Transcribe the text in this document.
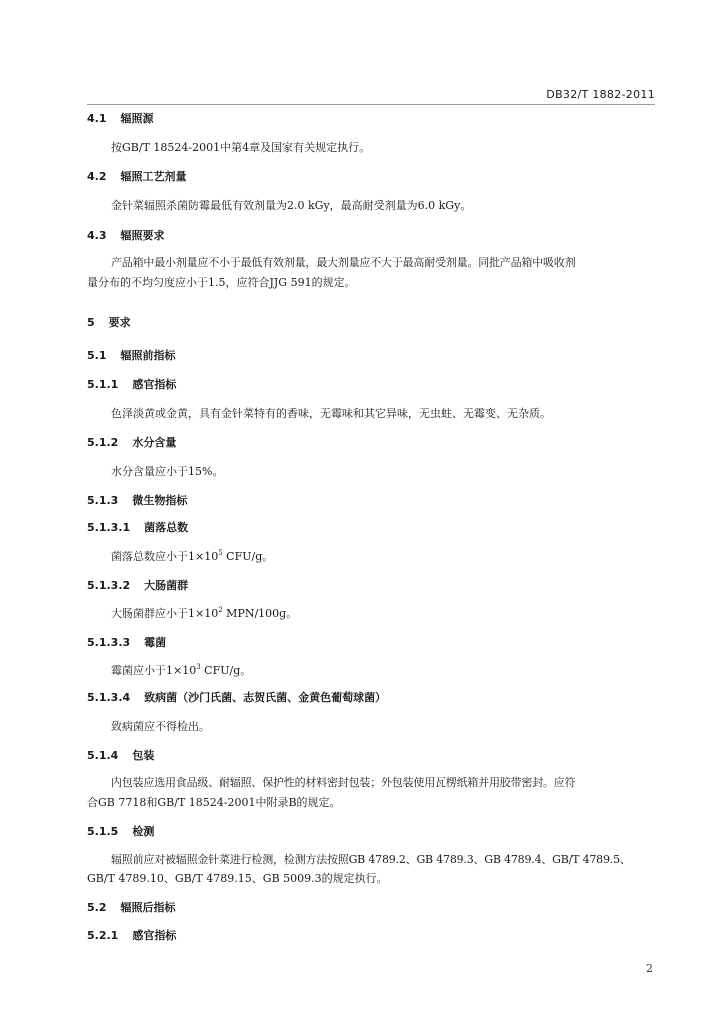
DB32/T 1882-2011
4.1 辐照源
按GB/T 18524-2001中第4章及国家有关规定执行。
4.2 辐照工艺剂量
金针菜辐照杀菌防霉最低有效剂量为2.0 kGy，最高耐受剂量为6.0 kGy。
4.3 辐照要求
产品箱中最小剂量应不小于最低有效剂量，最大剂量应不大于最高耐受剂量。同批产品箱中吸收剂
量分布的不均匀度应小于1.5，应符合JJG 591的规定。
5 要求
5.1 辐照前指标
5.1.1 感官指标
色泽淡黄或金黄，具有金针菜特有的香味，无霉味和其它异味，无虫蛀、无霉变、无杂质。
5.1.2 水分含量
水分含量应小于15%。
5.1.3 微生物指标
5.1.3.1 菌落总数
菌落总数应小于$1\times 10^5$ CFU/g。
5.1.3.2 大肠菌群
大肠菌群应小于$1\times 10^2$ MPN/100g。
5.1.3.3 霉菌
霉菌应小于$1\times 10^3$ CFU/g。
5.1.3.4 致病菌（沙门氏菌、志贺氏菌、金黄色葡萄球菌）
致病菌应不得检出。
5.1.4 包装
内包装应选用食品级、耐辐照、保护性的材料密封包装；外包装使用瓦楞纸箱并用胶带密封。应符
合GB 7718和GB/T 18524-2001中附录B的规定。
5.1.5 检测
辐照前应对被辐照金针菜进行检测，检测方法按照GB 4789.2、GB 4789.3、GB 4789.4、GB/T 4789.5、
GB/T 4789.10、GB/T 4789.15、GB 5009.3的规定执行。
5.2 辐照后指标
5.2.1 感官指标
2
